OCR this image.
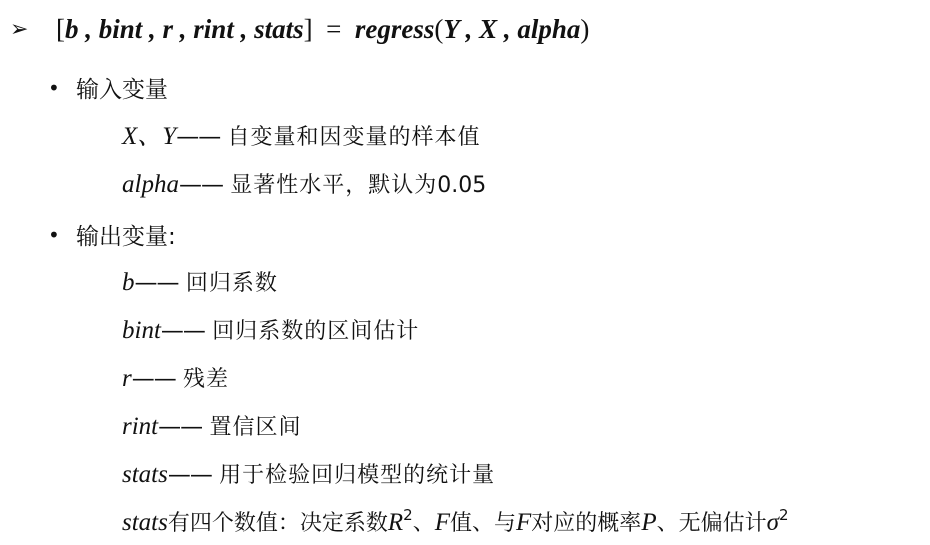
➢ [b , bint , r , rint , stats] = regress(Y , X , alpha)
• 输入变量
X、Y—— 自变量和因变量的样本值
alpha—— 显著性水平，默认为0.05
• 输出变量:
b—— 回归系数
bint—— 回归系数的区间估计
r—— 残差
rint—— 置信区间
stats—— 用于检验回归模型的统计量
stats有四个数值：决定系数$R^2$、F值、与F对应的概率P、无偏估计$\sigma^2$
